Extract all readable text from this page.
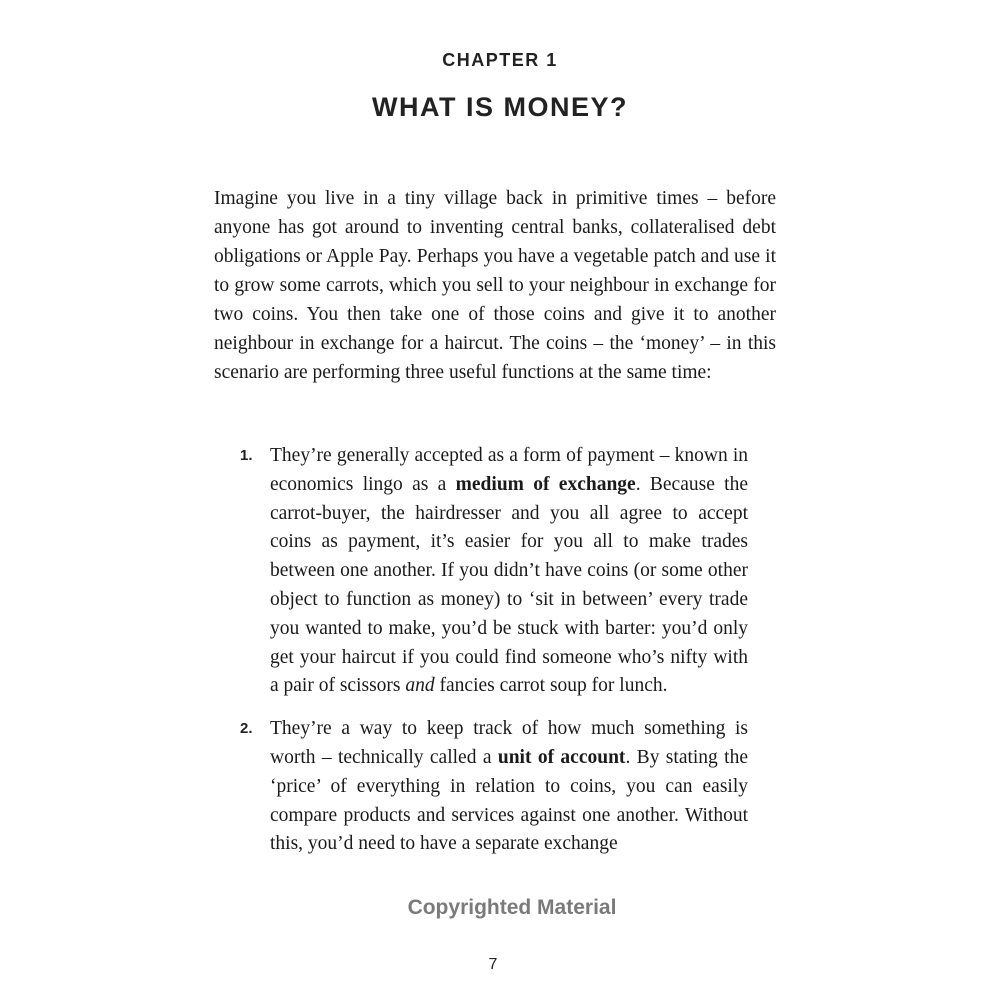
CHAPTER 1
WHAT IS MONEY?

Imagine you live in a tiny village back in primitive times – before anyone has got around to inventing central banks, collateralised debt obligations or Apple Pay. Perhaps you have a vegetable patch and use it to grow some carrots, which you sell to your neighbour in exchange for two coins. You then take one of those coins and give it to another neighbour in exchange for a haircut. The coins – the ‘money’ – in this scenario are performing three useful functions at the same time:

1. They’re generally accepted as a form of payment – known in economics lingo as a medium of exchange. Because the carrot-buyer, the hairdresser and you all agree to accept coins as payment, it’s easier for you all to make trades between one another. If you didn’t have coins (or some other object to function as money) to ‘sit in between’ every trade you wanted to make, you’d be stuck with barter: you’d only get your haircut if you could find someone who’s nifty with a pair of scissors and fancies carrot soup for lunch.
2. They’re a way to keep track of how much something is worth – technically called a unit of account. By stating the ‘price’ of everything in relation to coins, you can easily compare products and services against one another. Without this, you’d need to have a separate exchange
Copyrighted Material
7
